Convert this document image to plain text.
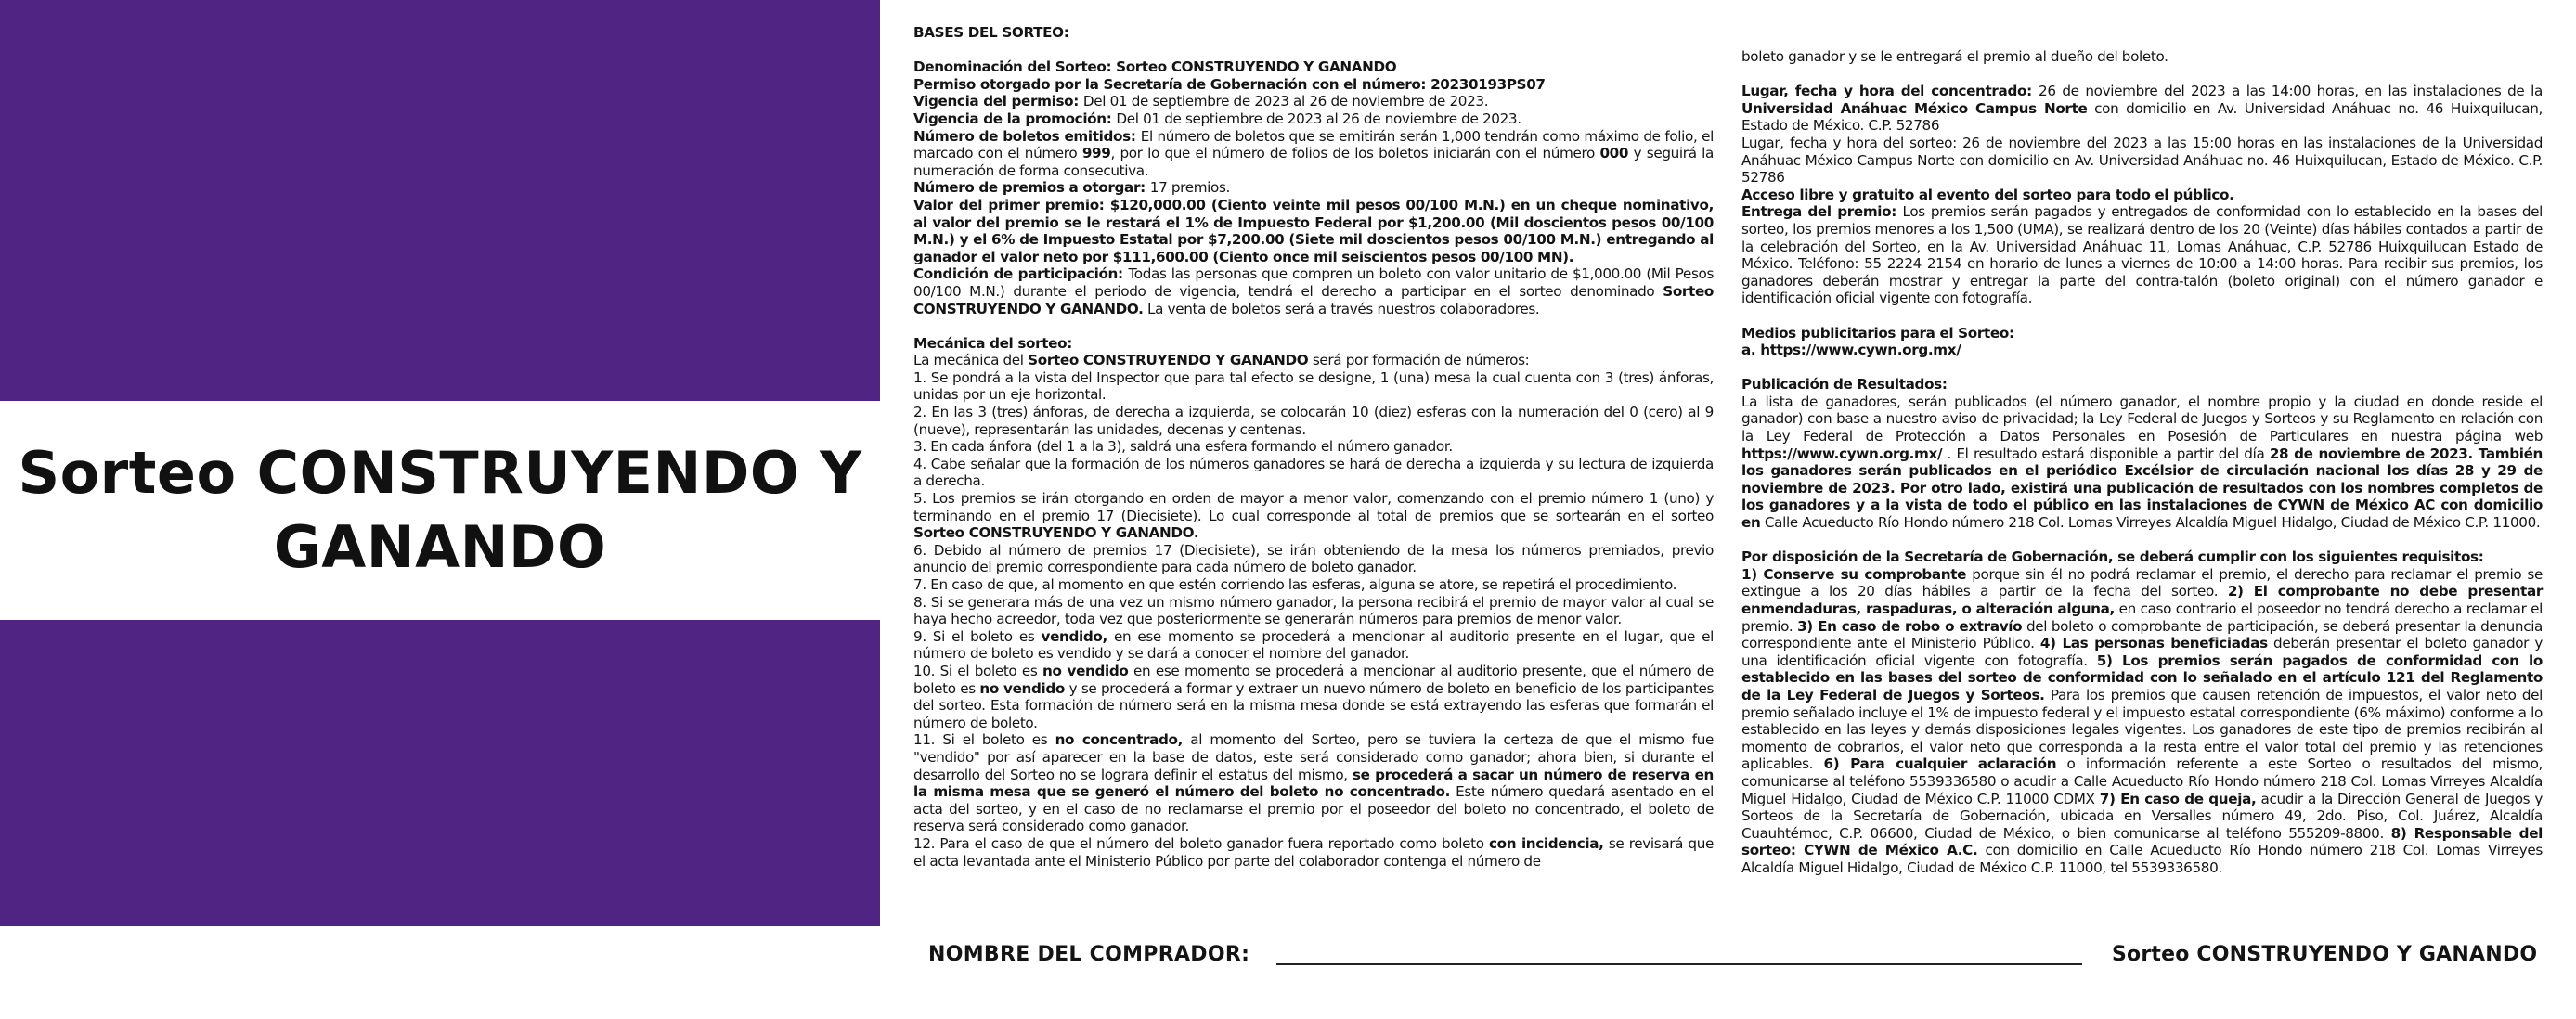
Sorteo CONSTRUYENDO Y GANANDO

BASES DEL SORTEO:

Denominación del Sorteo: Sorteo CONSTRUYENDO Y GANANDO

Permiso otorgado por la Secretaría de Gobernación con el número: 20230193PS07

Vigencia del permiso: Del 01 de septiembre de 2023 al 26 de noviembre de 2023.

Vigencia de la promoción: Del 01 de septiembre de 2023 al 26 de noviembre de 2023.

Número de boletos emitidos: El número de boletos que se emitirán serán 1,000 tendrán como máximo de folio, el marcado con el número 999, por lo que el número de folios de los boletos iniciarán con el número 000 y seguirá la numeración de forma consecutiva.

Número de premios a otorgar: 17 premios.

Valor del primer premio: $120,000.00 (Ciento veinte mil pesos 00/100 M.N.) en un cheque nominativo, al valor del premio se le restará el 1% de Impuesto Federal por $1,200.00 (Mil doscientos pesos 00/100 M.N.) y el 6% de Impuesto Estatal por $7,200.00 (Siete mil doscientos pesos 00/100 M.N.) entregando al ganador el valor neto por $111,600.00 (Ciento once mil seiscientos pesos 00/100 MN).

Condición de participación: Todas las personas que compren un boleto con valor unitario de $1,000.00 (Mil Pesos 00/100 M.N.) durante el periodo de vigencia, tendrá el derecho a participar en el sorteo denominado Sorteo CONSTRUYENDO Y GANANDO. La venta de boletos será a través nuestros colaboradores.

Mecánica del sorteo:

La mecánica del Sorteo CONSTRUYENDO Y GANANDO será por formación de números:

1. Se pondrá a la vista del Inspector que para tal efecto se designe, 1 (una) mesa la cual cuenta con 3 (tres) ánforas, unidas por un eje horizontal.

2. En las 3 (tres) ánforas, de derecha a izquierda, se colocarán 10 (diez) esferas con la numeración del 0 (cero) al 9 (nueve), representarán las unidades, decenas y centenas.

3. En cada ánfora (del 1 a la 3), saldrá una esfera formando el número ganador.

4. Cabe señalar que la formación de los números ganadores se hará de derecha a izquierda y su lectura de izquierda a derecha.

5. Los premios se irán otorgando en orden de mayor a menor valor, comenzando con el premio número 1 (uno) y terminando en el premio 17 (Diecisiete). Lo cual corresponde al total de premios que se sortearán en el sorteo Sorteo CONSTRUYENDO Y GANANDO.

6. Debido al número de premios 17 (Diecisiete), se irán obteniendo de la mesa los números premiados, previo anuncio del premio correspondiente para cada número de boleto ganador.

7. En caso de que, al momento en que estén corriendo las esferas, alguna se atore, se repetirá el procedimiento.

8. Si se generara más de una vez un mismo número ganador, la persona recibirá el premio de mayor valor al cual se haya hecho acreedor, toda vez que posteriormente se generarán números para premios de menor valor.

9. Si el boleto es vendido, en ese momento se procederá a mencionar al auditorio presente en el lugar, que el número de boleto es vendido y se dará a conocer el nombre del ganador.

10. Si el boleto es no vendido en ese momento se procederá a mencionar al auditorio presente, que el número de boleto es no vendido y se procederá a formar y extraer un nuevo número de boleto en beneficio de los participantes del sorteo. Esta formación de número será en la misma mesa donde se está extrayendo las esferas que formarán el número de boleto.

11. Si el boleto es no concentrado, al momento del Sorteo, pero se tuviera la certeza de que el mismo fue "vendido" por así aparecer en la base de datos, este será considerado como ganador; ahora bien, si durante el desarrollo del Sorteo no se lograra definir el estatus del mismo, se procederá a sacar un número de reserva en la misma mesa que se generó el número del boleto no concentrado. Este número quedará asentado en el acta del sorteo, y en el caso de no reclamarse el premio por el poseedor del boleto no concentrado, el boleto de reserva será considerado como ganador.

12. Para el caso de que el número del boleto ganador fuera reportado como boleto con incidencia, se revisará que el acta levantada ante el Ministerio Público por parte del colaborador contenga el número de

boleto ganador y se le entregará el premio al dueño del boleto.

Lugar, fecha y hora del concentrado: 26 de noviembre del 2023 a las 14:00 horas, en las instalaciones de la Universidad Anáhuac México Campus Norte con domicilio en Av. Universidad Anáhuac no. 46 Huixquilucan, Estado de México. C.P. 52786

Lugar, fecha y hora del sorteo: 26 de noviembre del 2023 a las 15:00 horas en las instalaciones de la Universidad Anáhuac México Campus Norte con domicilio en Av. Universidad Anáhuac no. 46 Huixquilucan, Estado de México. C.P. 52786

Acceso libre y gratuito al evento del sorteo para todo el público.

Entrega del premio: Los premios serán pagados y entregados de conformidad con lo establecido en la bases del sorteo, los premios menores a los 1,500 (UMA), se realizará dentro de los 20 (Veinte) días hábiles contados a partir de la celebración del Sorteo, en la Av. Universidad Anáhuac 11, Lomas Anáhuac, C.P. 52786 Huixquilucan Estado de México. Teléfono: 55 2224 2154 en horario de lunes a viernes de 10:00 a 14:00 horas. Para recibir sus premios, los ganadores deberán mostrar y entregar la parte del contra-talón (boleto original) con el número ganador e identificación oficial vigente con fotografía.

Medios publicitarios para el Sorteo:

a. https://www.cywn.org.mx/

Publicación de Resultados:

La lista de ganadores, serán publicados (el número ganador, el nombre propio y la ciudad en donde reside el ganador) con base a nuestro aviso de privacidad; la Ley Federal de Juegos y Sorteos y su Reglamento en relación con la Ley Federal de Protección a Datos Personales en Posesión de Particulares en nuestra página web https://www.cywn.org.mx/ . El resultado estará disponible a partir del día 28 de noviembre de 2023. También los ganadores serán publicados en el periódico Excélsior de circulación nacional los días 28 y 29 de noviembre de 2023. Por otro lado, existirá una publicación de resultados con los nombres completos de los ganadores y a la vista de todo el público en las instalaciones de CYWN de México AC con domicilio en Calle Acueducto Río Hondo número 218 Col. Lomas Virreyes Alcaldía Miguel Hidalgo, Ciudad de México C.P. 11000.

Por disposición de la Secretaría de Gobernación, se deberá cumplir con los siguientes requisitos:

1) Conserve su comprobante porque sin él no podrá reclamar el premio, el derecho para reclamar el premio se extingue a los 20 días hábiles a partir de la fecha del sorteo. 2) El comprobante no debe presentar enmendaduras, raspaduras, o alteración alguna, en caso contrario el poseedor no tendrá derecho a reclamar el premio. 3) En caso de robo o extravío del boleto o comprobante de participación, se deberá presentar la denuncia correspondiente ante el Ministerio Público. 4) Las personas beneficiadas deberán presentar el boleto ganador y una identificación oficial vigente con fotografía. 5) Los premios serán pagados de conformidad con lo establecido en las bases del sorteo de conformidad con lo señalado en el artículo 121 del Reglamento de la Ley Federal de Juegos y Sorteos. Para los premios que causen retención de impuestos, el valor neto del premio señalado incluye el 1% de impuesto federal y el impuesto estatal correspondiente (6% máximo) conforme a lo establecido en las leyes y demás disposiciones legales vigentes. Los ganadores de este tipo de premios recibirán al momento de cobrarlos, el valor neto que corresponda a la resta entre el valor total del premio y las retenciones aplicables. 6) Para cualquier aclaración o información referente a este Sorteo o resultados del mismo, comunicarse al teléfono 5539336580 o acudir a Calle Acueducto Río Hondo número 218 Col. Lomas Virreyes Alcaldía Miguel Hidalgo, Ciudad de México C.P. 11000 CDMX 7) En caso de queja, acudir a la Dirección General de Juegos y Sorteos de la Secretaría de Gobernación, ubicada en Versalles número 49, 2do. Piso, Col. Juárez, Alcaldía Cuauhtémoc, C.P. 06600, Ciudad de México, o bien comunicarse al teléfono 555209-8800. 8) Responsable del sorteo: CYWN de México A.C. con domicilio en Calle Acueducto Río Hondo número 218 Col. Lomas Virreyes Alcaldía Miguel Hidalgo, Ciudad de México C.P. 11000, tel 5539336580.

NOMBRE DEL COMPRADOR:	Sorteo CONSTRUYENDO Y GANANDO
